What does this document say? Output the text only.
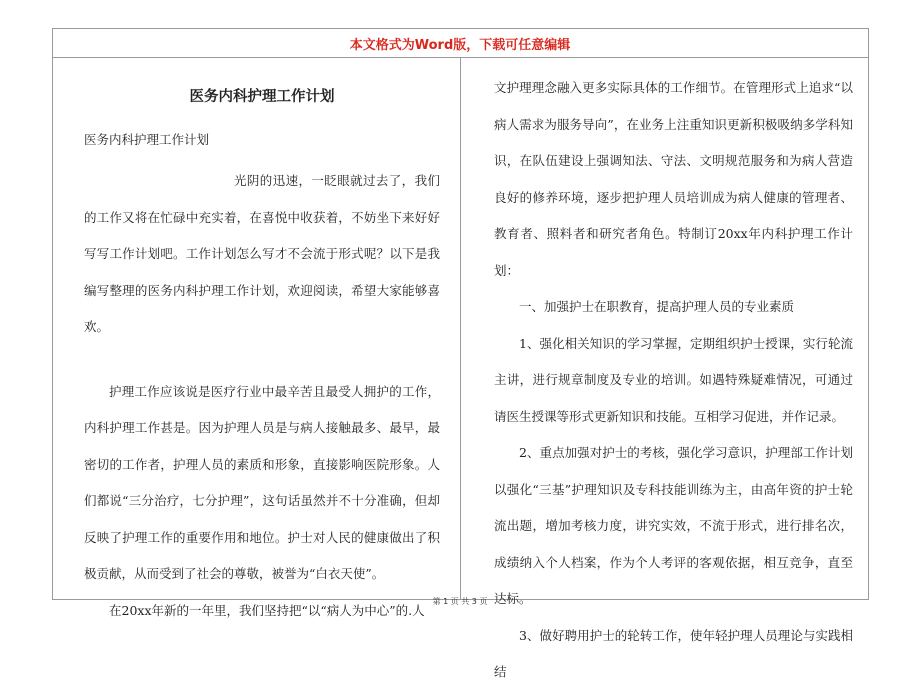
本文格式为Word版，下载可任意编辑

医务内科护理工作计划

医务内科护理工作计划

光阴的迅速，一眨眼就过去了，我们的工作又将在忙碌中充实着，在喜悦中收获着，不妨坐下来好好写写工作计划吧。工作计划怎么写才不会流于形式呢？以下是我编写整理的医务内科护理工作计划，欢迎阅读，希望大家能够喜欢。

护理工作应该说是医疗行业中最辛苦且最受人拥护的工作，内科护理工作甚是。因为护理人员是与病人接触最多、最早，最密切的工作者，护理人员的素质和形象，直接影响医院形象。人们都说“三分治疗，七分护理”，这句话虽然并不十分准确，但却反映了护理工作的重要作用和地位。护士对人民的健康做出了积极贡献，从而受到了社会的尊敬，被誉为“白衣天使”。

在20xx年新的一年里，我们坚持把“以“病人为中心”的.人

文护理理念融入更多实际具体的工作细节。在管理形式上追求“以病人需求为服务导向”，在业务上注重知识更新积极吸纳多学科知识，在队伍建设上强调知法、守法、文明规范服务和为病人营造良好的修养环境，逐步把护理人员培训成为病人健康的管理者、教育者、照料者和研究者角色。特制订20xx年内科护理工作计划：

一、加强护士在职教育，提高护理人员的专业素质

1、强化相关知识的学习掌握，定期组织护士授课，实行轮流主讲，进行规章制度及专业的培训。如遇特殊疑难情况，可通过请医生授课等形式更新知识和技能。互相学习促进，并作记录。

2、重点加强对护士的考核，强化学习意识，护理部工作计划以强化“三基”护理知识及专科技能训练为主，由高年资的护士轮流出题，增加考核力度，讲究实效，不流于形式，进行排名次，成绩纳入个人档案，作为个人考评的客观依据，相互竞争，直至达标。

3、做好聘用护士的轮转工作，使年轻护理人员理论与实践相结

第 1 页 共 3 页
